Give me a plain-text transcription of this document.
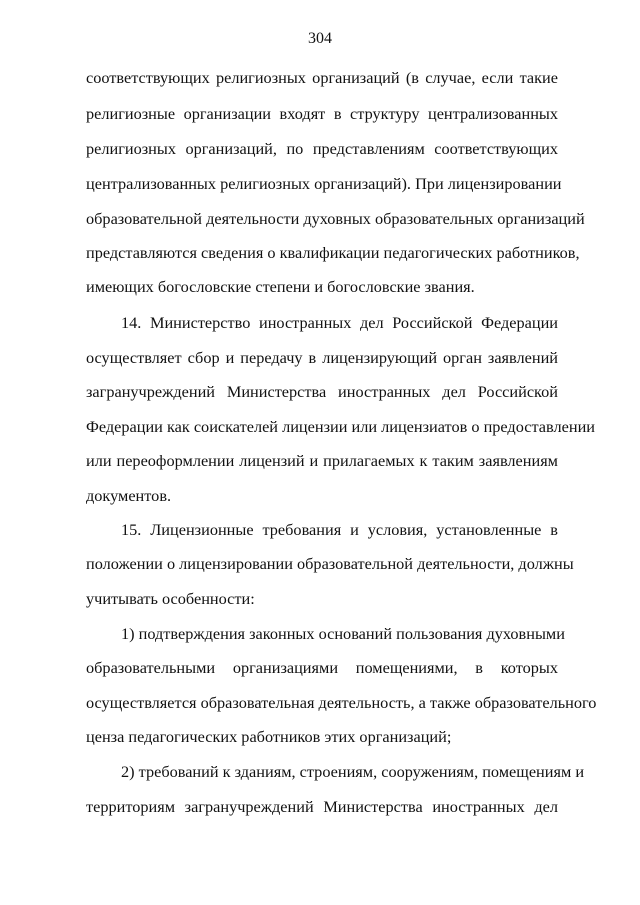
304
соответствующих религиозных организаций (в случае, если такие
религиозные организации входят в структуру централизованных
религиозных организаций, по представлениям соответствующих
централизованных религиозных организаций). При лицензировании
образовательной деятельности духовных образовательных организаций
представляются сведения о квалификации педагогических работников,
имеющих богословские степени и богословские звания.
14. Министерство иностранных дел Российской Федерации
осуществляет сбор и передачу в лицензирующий орган заявлений
загранучреждений Министерства иностранных дел Российской
Федерации как соискателей лицензии или лицензиатов о предоставлении
или переоформлении лицензий и прилагаемых к таким заявлениям
документов.
15. Лицензионные требования и условия, установленные в
положении о лицензировании образовательной деятельности, должны
учитывать особенности:
1) подтверждения законных оснований пользования духовными
образовательными организациями помещениями, в которых
осуществляется образовательная деятельность, а также образовательного
ценза педагогических работников этих организаций;
2) требований к зданиям, строениям, сооружениям, помещениям и
территориям загранучреждений Министерства иностранных дел
